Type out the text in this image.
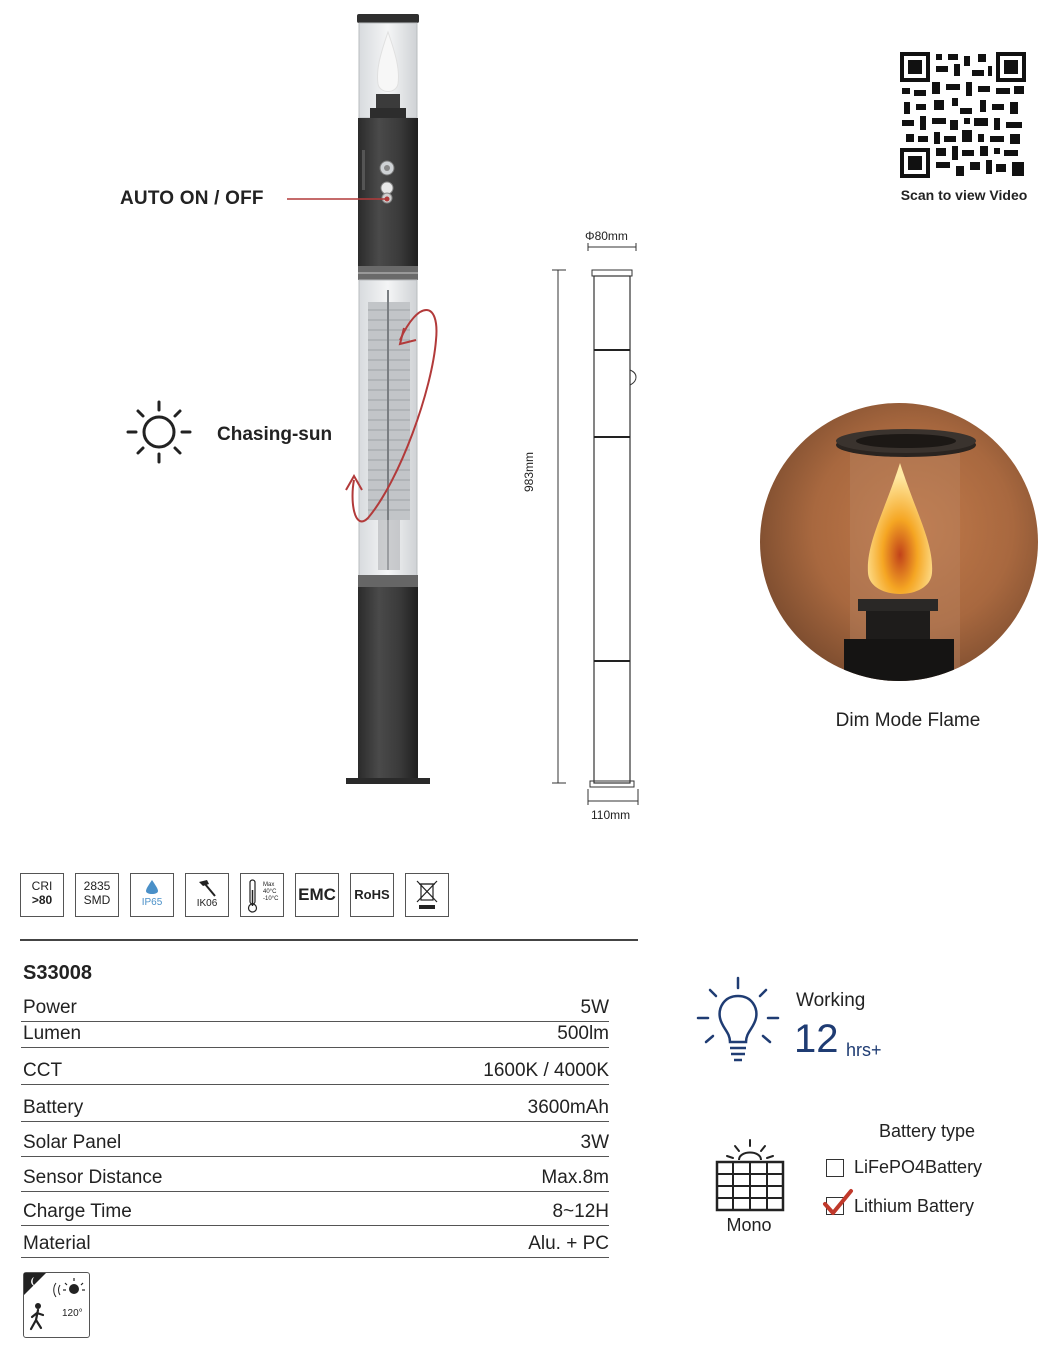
AUTO ON / OFF
Chasing-sun
Φ80mm
983mm
110mm
Scan to view Video
Dim Mode Flame
CRI
>80
2835
SMD	IP65	IK06
Max
40°C
-10°C EMC	RoHS
S33008
Power	5W
Lumen	500lm
CCT	1600K / 4000K
Battery	3600mAh
Solar Panel	3W
Sensor Distance	Max.8m
Charge Time	8~12H
Material	Alu. + PC
120°
Working
12 hrs+
Mono
Battery type
LiFePO4Battery
Lithium Battery
